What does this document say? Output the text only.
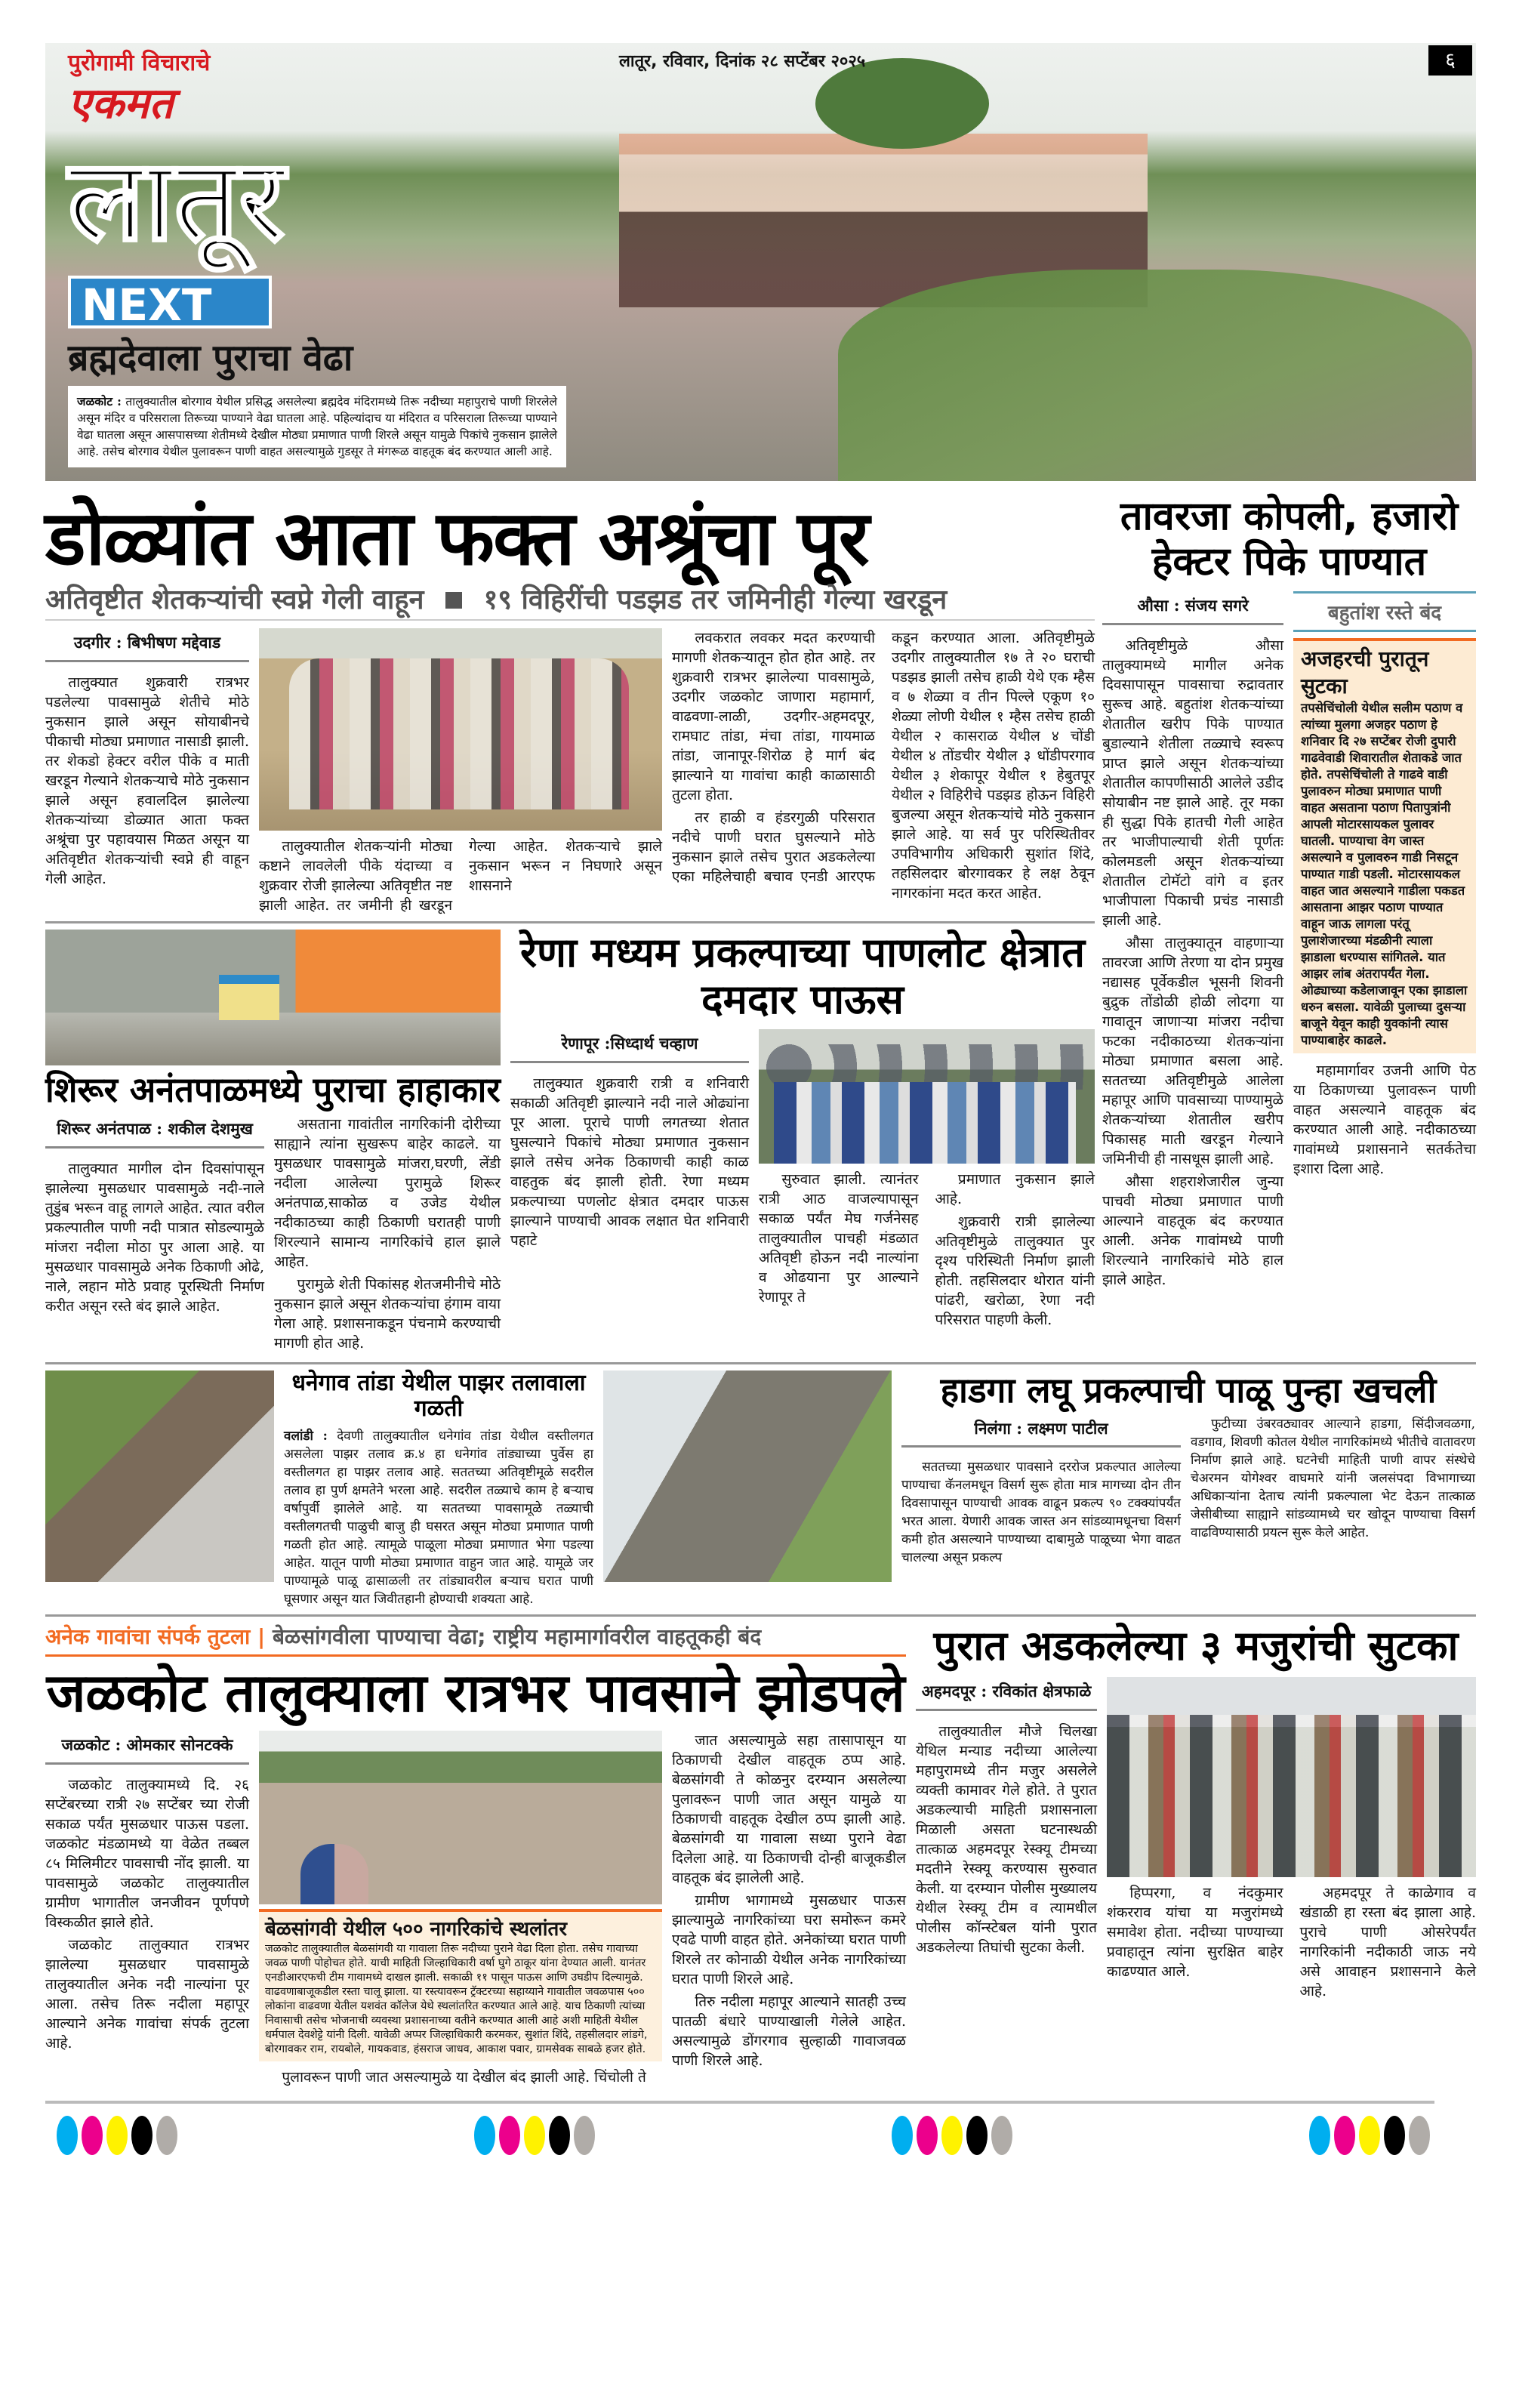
लातूर, रविवार, दिनांक २८ सप्टेंबर २०२५	६
पुरोगामी विचाराचे
एकमत
लातूर
NEXT
ब्रह्मदेवाला पुराचा वेढा
जळकोट : तालुक्यातील बोरगाव येथील प्रसिद्ध असलेल्या ब्रह्मदेव मंदिरामध्ये तिरू नदीच्या महापुराचे पाणी शिरलेले असून मंदिर व परिसराला तिरूच्या पाण्याने वेढा घातला आहे. पहिल्यांदाच या मंदिरात व परिसराला तिरूच्या पाण्याने वेढा घातला असून आसपासच्या शेतीमध्ये देखील मोठ्या प्रमाणात पाणी शिरले असून यामुळे पिकांचे नुकसान झालेले आहे. तसेच बोरगाव येथील पुलावरून पाणी वाहत असल्यामुळे गुडसूर ते मंगरूळ वाहतूक बंद करण्यात आली आहे.
डोळ्यांत आता फक्त अश्रूंचा पूर
अतिवृष्टीत शेतकऱ्यांची स्वप्ने गेली वाहून १९ विहिरींची पडझड तर जमिनीही गेल्या खरडून
उदगीर : बिभीषण मद्देवाड

तालुक्यात शुक्रवारी रात्रभर पडलेल्या पावसामुळे शेतीचे मोठे नुकसान झाले असून सोयाबीनचे पीकाची मोठ्या प्रमाणात नासाडी झाली. तर शेकडो हेक्टर वरील पीके व माती खरडून गेल्याने शेतकऱ्याचे मोठे नुकसान झाले असून हवालदिल झालेल्या शेतकऱ्यांच्या डोळ्यात आता फक्त अश्रूंचा पुर पहावयास मिळत असून या अतिवृष्टीत शेतकऱ्यांची स्वप्ने ही वाहून गेली आहेत.

तालुक्यातील शेतकऱ्यांनी मोठ्या कष्टाने लावलेली पीके यंदाच्या व शुक्रवार रोजी झालेल्या अतिवृष्टीत नष्ट झाली आहेत. तर जमीनी ही खरडून गेल्या आहेत. शेतकऱ्याचे झाले नुकसान भरून न निघणारे असून शासनाने

लवकरात लवकर मदत करण्याची मागणी शेतकऱ्यातून होत होत आहे. तर शुक्रवारी रात्रभर झालेल्या पावसामुळे, उदगीर जळकोट जाणारा महामार्ग, वाढवणा-लाळी, उदगीर-अहमदपूर, रामघाट तांडा, मंचा तांडा, गायमाळ तांडा, जानापूर-शिरोळ हे मार्ग बंद झाल्याने या गावांचा काही काळासाठी तुटला होता.

तर हाळी व हंडरगुळी परिसरात नदीचे पाणी घरात घुसल्याने मोठे नुकसान झाले तसेच पुरात अडकलेल्या एका महिलेचाही बचाव एनडी आरएफ कडून करण्यात आला. अतिवृष्टीमुळे उदगीर तालुक्यातील १७ ते २० घराची पडझड झाली तसेच हाळी येथे एक म्हैस व ७ शेळ्या व तीन पिल्ले एकूण १० शेळ्या लोणी येथील १ म्हैस तसेच हाळी येथील २ कासराळ येथील ४ चोंडी येथील ४ तोंडचीर येथील ३ धोंडीपरगाव येथील ३ शेकापूर येथील १ हेबुतपूर येथील २ विहिरीचे पडझड होऊन विहिरी बुजल्या असून शेतकऱ्यांचे मोठे नुकसान झाले आहे. या सर्व पुर परिस्थितीवर उपविभागीय अधिकारी सुशांत शिंदे, तहसिलदार बोरगावकर हे लक्ष ठेवून नागरकांना मदत करत आहेत.

शिरूर अनंतपाळमध्ये पुराचा हाहाकार
शिरूर अनंतपाळ : शकील देशमुख

तालुक्यात मागील दोन दिवसांपासून झालेल्या मुसळधार पावसामुळे नदी-नाले तुडुंब भरून वाहू लागले आहेत. त्यात वरील प्रकल्पातील पाणी नदी पात्रात सोडल्यामुळे मांजरा नदीला मोठा पुर आला आहे. या मुसळधार पावसामुळे अनेक ठिकाणी ओढे, नाले, लहान मोठे प्रवाह पूरस्थिती निर्माण करीत असून रस्ते बंद झाले आहेत.

असताना गावांतील नागरिकांनी दोरीच्या साह्याने त्यांना सुखरूप बाहेर काढले. या मुसळधार पावसामुळे मांजरा,घरणी, लेंडी नदीला आलेल्या पुरामुळे शिरूर अनंतपाळ,साकोळ व उजेड येथील नदीकाठच्या काही ठिकाणी घरातही पाणी शिरल्याने सामान्य नागरिकांचे हाल झाले आहेत.

पुरामुळे शेती पिकांसह शेतजमीनीचे मोठे नुकसान झाले असून शेतकऱ्यांचा हंगाम वाया गेला आहे. प्रशासनाकडून पंचनामे करण्याची मागणी होत आहे.

रेणा मध्यम प्रकल्पाच्या पाणलोट क्षेत्रात दमदार पाऊस
रेणापूर :सिध्दार्थ चव्हाण

तालुक्यात शुक्रवारी रात्री व शनिवारी सकाळी अतिवृष्टी झाल्याने नदी नाले ओढ्यांना पूर आला. पूराचे पाणी लगतच्या शेतात घुसल्याने पिकांचे मोठ्या प्रमाणात नुकसान झाले तसेच अनेक ठिकाणची काही काळ वाहतुक बंद झाली होती. रेणा मध्यम प्रकल्पाच्या पणलोट क्षेत्रात दमदार पाऊस झाल्याने पाण्याची आवक लक्षात घेत शनिवारी पहाटे

सुरुवात झाली. त्यानंतर रात्री आठ वाजल्यापासून सकाळ पर्यंत मेघ गर्जनेसह तालुक्यातील पाचही मंडळात अतिवृष्टी होऊन नदी नाल्यांना व ओढयाना पुर आल्याने रेणापूर ते

प्रमाणात नुकसान झाले आहे.

शुक्रवारी रात्री झालेल्या अतिवृष्टीमुळे तालुक्यात पुर दृश्य परिस्थिती निर्माण झाली होती. तहसिलदार थोरात यांनी पांढरी, खरोळा, रेणा नदी परिसरात पाहणी केली.

तावरजा कोपली, हजारो हेक्टर पिके पाण्यात
औसा : संजय सगरे

अतिवृष्टीमुळे औसा तालुक्यामध्ये मागील अनेक दिवसापासून पावसाचा रुद्रावतार सुरूच आहे. बहुतांश शेतकऱ्यांच्या शेतातील खरीप पिके पाण्यात बुडाल्याने शेतीला तळ्याचे स्वरूप प्राप्त झाले असून शेतकऱ्यांच्या शेतातील कापणीसाठी आलेले उडीद सोयाबीन नष्ट झाले आहे. तूर मका ही सुद्धा पिके हातची गेली आहेत तर भाजीपाल्याची शेती पूर्णतः कोलमडली असून शेतकऱ्यांच्या शेतातील टोमॅटो वांगे व इतर भाजीपाला पिकाची प्रचंड नासाडी झाली आहे.

औसा तालुक्यातून वाहणाऱ्या तावरजा आणि तेरणा या दोन प्रमुख नद्यासह पूर्वेकडील भूसनी शिवनी बुद्रुक तोंडोळी होळी लोदगा या गावातून जाणाऱ्या मांजरा नदीचा फटका नदीकाठच्या शेतकऱ्यांना मोठ्या प्रमाणात बसला आहे. सततच्या अतिवृष्टीमुळे आलेला महापूर आणि पावसाच्या पाण्यामुळे शेतकऱ्यांच्या शेतातील खरीप पिकासह माती खरडून गेल्याने जमिनीची ही नासधूस झाली आहे.

औसा शहराशेजारील जुन्या पाचवी मोठ्या प्रमाणात पाणी आल्याने वाहतूक बंद करण्यात आली. अनेक गावांमध्ये पाणी शिरल्याने नागरिकांचे मोठे हाल झाले आहेत.

बहुतांश रस्ते बंद
अजहरची पुरातून सुटका
तपसेचिंचोली येथील सलीम पठाण व त्यांच्या मुलगा अजहर पठाण हे शनिवार दि २७ सप्टेंबर रोजी दुपारी गाढवेवाडी शिवारातील शेताकडे जात होते. तपसेचिंचोली ते गाढवे वाडी पुलावरुन मोठ्या प्रमाणात पाणी वाहत असताना पठाण पितापुत्रांनी आपली मोटारसायकल पुलावर घातली. पाण्याचा वेग जास्त असल्याने व पुलावरुन गाडी निसटून पाण्यात गाडी पडली. मोटारसायकल वाहत जात असल्याने गाडीला पकडत आसताना आझर पठाण पाण्यात वाहून जाऊ लागला परंतू पुलाशेजारच्या मंडळीनी त्याला झाडाला धरण्यास सांगितले. यात आझर लांब अंतरापर्यंत गेला. ओढ्याच्या कडेलाजावून एका झाडाला धरुन बसला. यावेळी पुलाच्या दुसऱ्या बाजूने येवून काही युवकांनी त्यास पाण्याबाहेर काढले.

महामार्गावर उजनी आणि पेठ या ठिकाणच्या पुलावरून पाणी वाहत असल्याने वाहतूक बंद करण्यात आली आहे. नदीकाठच्या गावांमध्ये प्रशासनाने सतर्कतेचा इशारा दिला आहे.

धनेगाव तांडा येथील पाझर तलावाला गळती
वलांडी : देवणी तालुक्यातील धनेगांव तांडा येथील वस्तीलगत असलेला पाझर तलाव क्र.४ हा धनेगांव तांड्याच्या पुर्वेस हा वस्तीलगत हा पाझर तलाव आहे. सततच्या अतिवृष्टीमूळे सदरील तलाव हा पुर्ण क्षमतेने भरला आहे. सदरील तळ्याचे काम हे बऱ्याच वर्षापुर्वी झालेले आहे. या सततच्या पावसामूळे तळ्याची वस्तीलगतची पाळुची बाजु ही घसरत असून मोठ्या प्रमाणात पाणी गळती होत आहे. त्यामूळे पाळूला मोठ्या प्रमाणात भेगा पडल्या आहेत. यातून पाणी मोठ्या प्रमाणात वाहुन जात आहे. यामूळे जर पाण्यामूळे पाळू ढासाळली तर तांड्यावरील बऱ्याच घरात पाणी घूसणार असून यात जिवीतहानी होण्याची शक्यता आहे.
हाडगा लघू प्रकल्पाची पाळू पुन्हा खचली
निलंगा : लक्ष्मण पाटील

सततच्या मुसळधार पावसाने दररोज प्रकल्पात आलेल्या पाण्याचा कॅनलमधून विसर्ग सुरू होता मात्र मागच्या दोन तीन दिवसापासून पाण्याची आवक वाढून प्रकल्प ९० टक्क्यांपर्यंत भरत आला. येणारी आवक जास्त अन सांडव्यामधूनचा विसर्ग कमी होत असल्याने पाण्याच्या दाबामुळे पाळूच्या भेगा वाढत चालल्या असून प्रकल्प

फुटीच्या उंबरवठ्यावर आल्याने हाडगा, सिंदीजवळगा, वडगाव, शिवणी कोतल येथील नागरिकांमध्ये भीतीचे वातावरण निर्माण झाले आहे. घटनेची माहिती पाणी वापर संस्थेचे चेअरमन योगेश्वर वाघमारे यांनी जलसंपदा विभागाच्या अधिकाऱ्यांना देताच त्यांनी प्रकल्पाला भेट देऊन तात्काळ जेसीबीच्या साह्याने सांडव्यामध्ये चर खोदून पाण्याचा विसर्ग वाढविण्यासाठी प्रयत्न सुरू केले आहेत.

अनेक गावांचा संपर्क तुटला | बेळसांगवीला पाण्याचा वेढा; राष्ट्रीय महामार्गावरील वाहतूकही बंद
जळकोट तालुक्याला रात्रभर पावसाने झोडपले
जळकोट : ओमकार सोनटक्के

जळकोट तालुक्यामध्ये दि. २६ सप्टेंबरच्या रात्री २७ सप्टेंबर च्या रोजी सकाळ पर्यंत मुसळधार पाऊस पडला. जळकोट मंडळामध्ये या वेळेत तब्बल ८५ मिलिमीटर पावसाची नोंद झाली. या पावसामुळे जळकोट तालुक्यातील ग्रामीण भागातील जनजीवन पूर्णपणे विस्कळीत झाले होते.

जळकोट तालुक्यात रात्रभर झालेल्या मुसळधार पावसामुळे तालुक्यातील अनेक नदी नाल्यांना पूर आला. तसेच तिरू नदीला महापूर आल्याने अनेक गावांचा संपर्क तुटला आहे.

बेळसांगवी येथील ५०० नागरिकांचे स्थलांतर
जळकोट तालुक्यातील बेळसांगवी या गावाला तिरू नदीच्या पुराने वेढा दिला होता. तसेच गावाच्या जवळ पाणी पोहोचत होते. याची माहिती जिल्हाधिकारी वर्षा घुगे ठाकूर यांना देण्यात आली. यानंतर एनडीआरएफची टीम गावामध्ये दाखल झाली. सकाळी ११ पासून पाऊस आणि उघडीप दिल्यामुळे. वाढवणाबाजूकडील रस्ता चालू झाला. या रस्त्यावरून ट्रॅक्टरच्या सहाय्याने गावातील जवळपास ५०० लोकांना वाढवणा येतील यशवंत कॉलेज येथे स्थलांतरित करण्यात आले आहे. याच ठिकाणी त्यांच्या निवासाची तसेच भोजनाची व्यवस्था प्रशासनाच्या वतीने करण्यात आली आहे अशी माहिती येथील धर्मपाल देवशेट्टे यांनी दिली. यावेळी अप्पर जिल्हाधिकारी करमकर, सुशांत शिंदे, तहसीलदार लांडगे, बोरगावकर राम, रायबोले, गायकवाड, हंसराज जाधव, आकाश पवार, ग्रामसेवक साबळे हजर होते.

पुलावरून पाणी जात असल्यामुळे या देखील बंद झाली आहे. चिंचोली ते

जात असल्यामुळे सहा तासापासून या ठिकाणची देखील वाहतूक ठप्प आहे. बेळसांगवी ते कोळनुर दरम्यान असलेल्या पुलावरून पाणी जात असून यामुळे या ठिकाणची वाहतूक देखील ठप्प झाली आहे. बेळसांगवी या गावाला सध्या पुराने वेढा दिलेला आहे. या ठिकाणची दोन्ही बाजूकडील वाहतूक बंद झालेली आहे.

ग्रामीण भागामध्ये मुसळधार पाऊस झाल्यामुळे नागरिकांच्या घरा समोरून कमरे एवढे पाणी वाहत होते. अनेकांच्या घरात पाणी शिरले तर कोनाळी येथील अनेक नागरिकांच्या घरात पाणी शिरले आहे.

तिरु नदीला महापूर आल्याने सातही उच्च पातळी बंधारे पाण्याखाली गेलेले आहेत. असल्यामुळे डोंगरगाव सुल्हाळी गावाजवळ पाणी शिरले आहे.

पुरात अडकलेल्या ३ मजुरांची सुटका
अहमदपूर : रविकांत क्षेत्रफाळे

तालुक्यातील मौजे चिलखा येथिल मन्याड नदीच्या आलेल्या महापुरामध्ये तीन मजुर असलेले व्यक्ती कामावर गेले होते. ते पुरात अडकल्याची माहिती प्रशासनाला मिळाली असता घटनास्थळी तात्काळ अहमदपूर रेस्क्यू टीमच्या मदतीने रेस्क्यू करण्यास सुरुवात केली. या दरम्यान पोलीस मुख्यालय येथील रेस्क्यू टीम व त्यामधील पोलीस कॉन्स्टेबल यांनी पुरात अडकलेल्या तिघांची सुटका केली.

हिप्परगा, व नंदकुमार शंकरराव यांचा या मजुरांमध्ये समावेश होता. नदीच्या पाण्याच्या प्रवाहातून त्यांना सुरक्षित बाहेर काढण्यात आले.

अहमदपूर ते काळेगाव व खंडाळी हा रस्ता बंद झाला आहे. पुराचे पाणी ओसरेपर्यंत नागरिकांनी नदीकाठी जाऊ नये असे आवाहन प्रशासनाने केले आहे.
